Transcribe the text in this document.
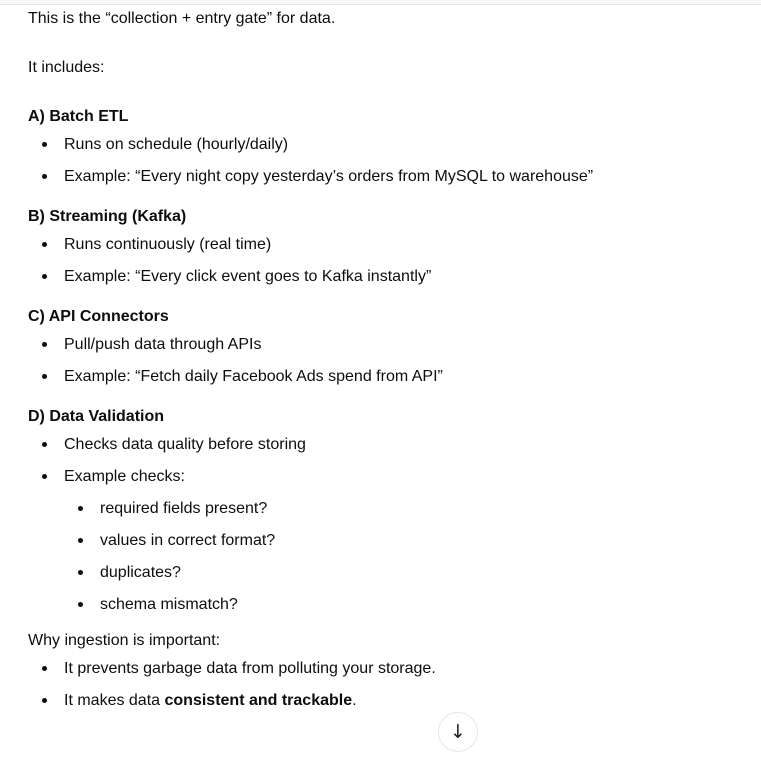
This is the “collection + entry gate” for data.

It includes:

A) Batch ETL

Runs on schedule (hourly/daily)
Example: “Every night copy yesterday’s orders from MySQL to warehouse”

B) Streaming (Kafka)

Runs continuously (real time)
Example: “Every click event goes to Kafka instantly”

C) API Connectors

Pull/push data through APIs
Example: “Fetch daily Facebook Ads spend from API”

D) Data Validation

Checks data quality before storing
Example checks:
required fields present?
values in correct format?
duplicates?
schema mismatch?

Why ingestion is important:

It prevents garbage data from polluting your storage.
It makes data consistent and trackable.
↓
